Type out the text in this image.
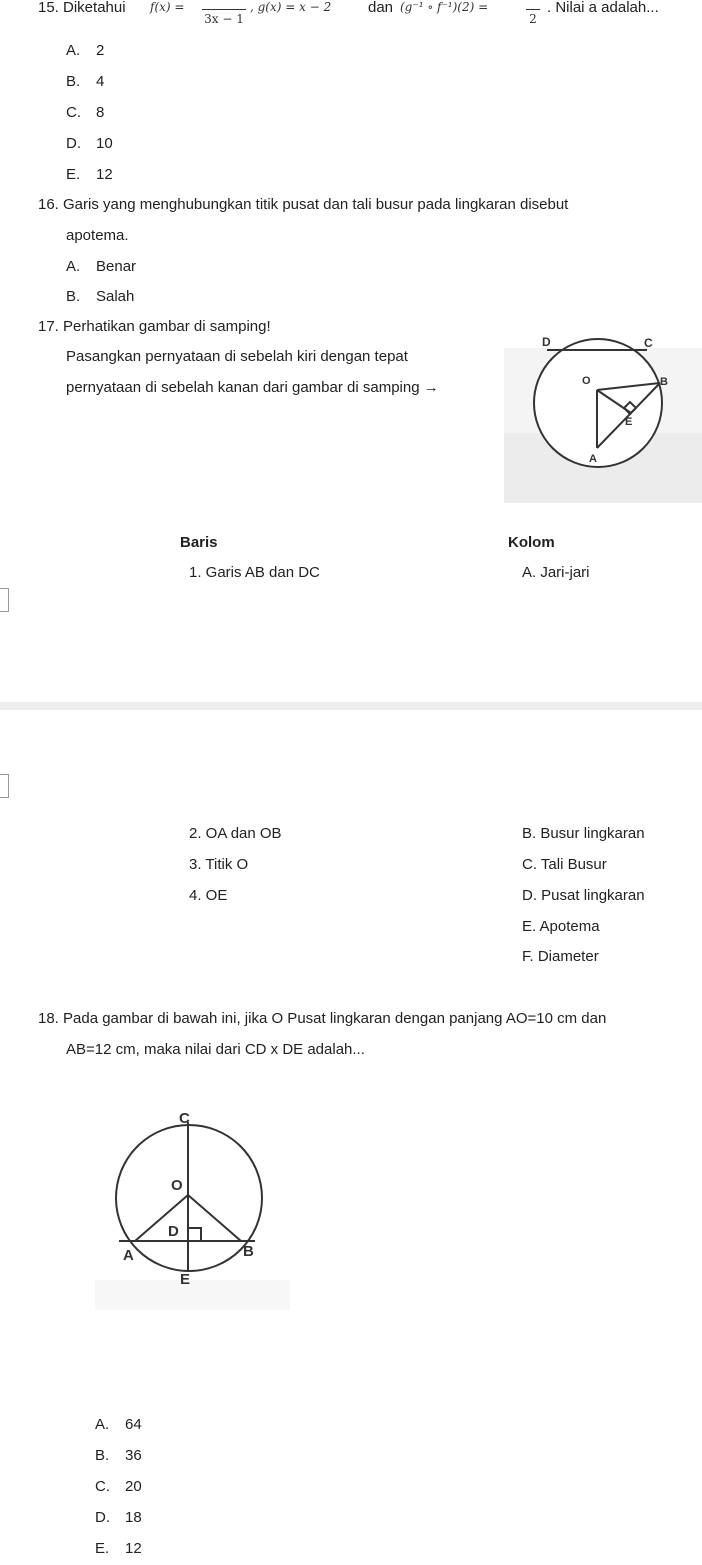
15. Diketahui f(x) =
3x − 1
, g(x) = x − 2 dan (g⁻¹ ∘ f⁻¹)(2) =
2
. Nilai a adalah...
A. 2
B. 4
C. 8
D. 10
E. 12
16. Garis yang menghubungkan titik pusat dan tali busur pada lingkaran disebut
apotema.
A. Benar
B. Salah
17. Perhatikan gambar di samping!
Pasangkan pernyataan di sebelah kiri dengan tepat
pernyataan di sebelah kanan dari gambar di samping →
D	C
O	B
E
A
Baris	Kolom
1. Garis AB dan DC	A. Jari-jari
2. OA dan OB	B. Busur lingkaran
3. Titik O	C. Tali Busur
4. OE	D. Pusat lingkaran
E. Apotema
F. Diameter
18. Pada gambar di bawah ini, jika O Pusat lingkaran dengan panjang AO=10 cm dan
AB=12 cm, maka nilai dari CD x DE adalah...
C
O
D
A	B
E
A. 64
B. 36
C. 20
D. 18
E. 12
